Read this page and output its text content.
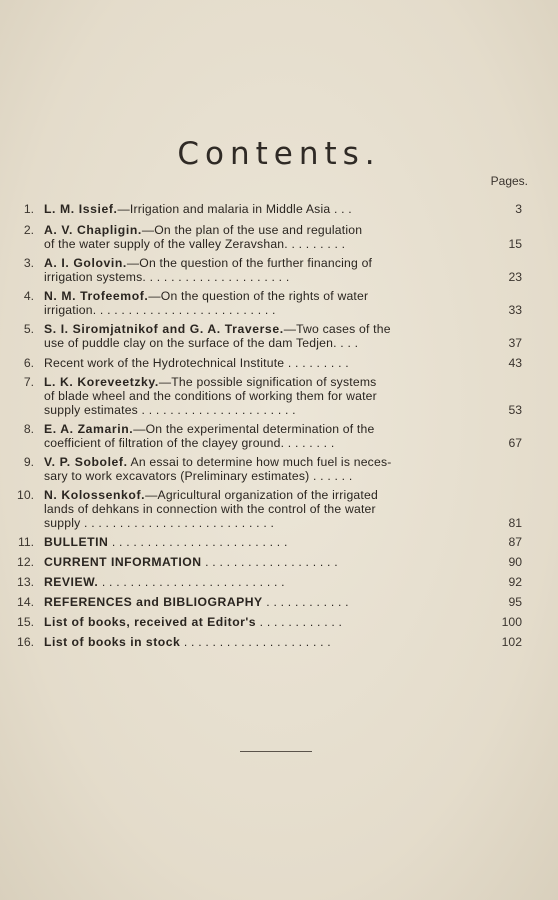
Contents.
Pages.
1. L. M. Issief.—Irrigation and malaria in Middle Asia . . .	3
2. A. V. Chapligin.—On the plan of the use and regulation
of the water supply of the valley Zeravshan. . . . . . . . .	15
3. A. I. Golovin.—On the question of the further financing of
irrigation systems. . . . . . . . . . . . . . . . . . . . .	23
4. N. M. Trofeemof.—On the question of the rights of water
irrigation. . . . . . . . . . . . . . . . . . . . . . . . . .	33
5. S. I. Siromjatnikof and G. A. Traverse.—Two cases of the
use of puddle clay on the surface of the dam Tedjen. . . .	37
6. Recent work of the Hydrotechnical Institute . . . . . . . . .	43
7. L. K. Koreveetzky.—The possible signification of systems
of blade wheel and the conditions of working them for water
supply estimates . . . . . . . . . . . . . . . . . . . . . .	53
8. E. A. Zamarin.—On the experimental determination of the
coefficient of filtration of the clayey ground. . . . . . . .	67
9. V. P. Sobolef. An essai to determine how much fuel is neces-
sary to work excavators (Preliminary estimates) . . . . . .
10. N. Kolossenkof.—Agricultural organization of the irrigated
lands of dehkans in connection with the control of the water
supply . . . . . . . . . . . . . . . . . . . . . . . . . . .	81
11. BULLETIN . . . . . . . . . . . . . . . . . . . . . . . . .	87
12. CURRENT INFORMATION . . . . . . . . . . . . . . . . . . .	90
13. REVIEW. . . . . . . . . . . . . . . . . . . . . . . . . . .	92
14. REFERENCES and BIBLIOGRAPHY . . . . . . . . . . . .	95
15. List of books, received at Editor's . . . . . . . . . . . .	100
16. List of books in stock . . . . . . . . . . . . . . . . . . . . .	102
